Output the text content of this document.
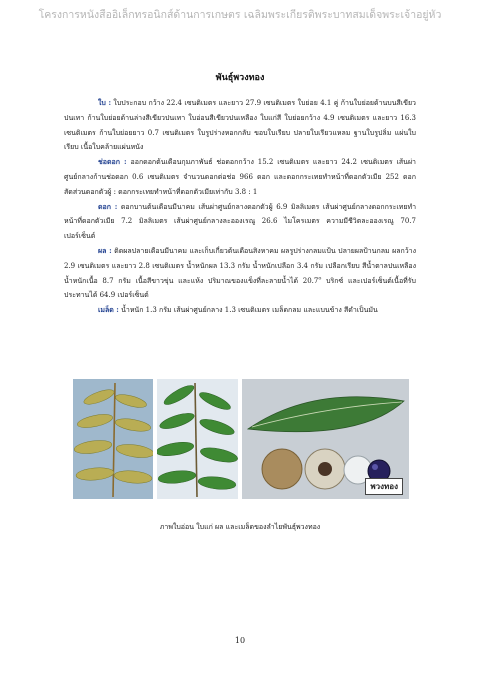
โครงการหนังสืออิเล็กทรอนิกส์ด้านการเกษตร เฉลิมพระเกียรติพระบาทสมเด็จพระเจ้าอยู่หัว
พันธุ์พวงทอง

ใบ : ใบประกอบ กว้าง 22.4 เซนติเมตร และยาว 27.9 เซนติเมตร ใบย่อย 4.1 คู่ ก้านใบย่อยด้านบนสีเขียวปนเทา ก้านใบย่อยด้านล่างสีเขียวปนเทา ใบอ่อนสีเขียวปนเหลือง ใบแก่สี ใบย่อยกว้าง 4.9 เซนติเมตร และยาว 16.3 เซนติเมตร ก้านใบย่อยยาว 0.7 เซนติเมตร ใบรูปร่างหอกกลับ ขอบใบเรียบ ปลายใบเรียวแหลม ฐานใบรูปลิ่ม แผ่นใบเรียบ เนื้อใบคล้ายแผ่นหนัง

ช่อดอก : ออกดอกต้นเดือนกุมภาพันธ์ ช่อดอกกว้าง 15.2 เซนติเมตร และยาว 24.2 เซนติเมตร เส้นผ่าศูนย์กลางก้านช่อดอก 0.6 เซนติเมตร จำนวนดอกต่อช่อ 966 ดอก และดอกกระเทยทำหน้าที่ดอกตัวเมีย 252 ดอก สัดส่วนดอกตัวผู้ : ดอกกระเทยทำหน้าที่ดอกตัวเมียเท่ากับ 3.8 : 1

ดอก : ดอกบานต้นเดือนมีนาคม เส้นผ่าศูนย์กลางดอกตัวผู้ 6.9 มิลลิเมตร เส้นผ่าศูนย์กลางดอกกระเทยทำหน้าที่ดอกตัวเมีย 7.2 มิลลิเมตร เส้นผ่าศูนย์กลางละอองเรณู 26.6 ไมโครเมตร ความมีชีวิตละอองเรณู 70.7 เปอร์เซ็นต์

ผล : ติดผลปลายเดือนมีนาคม และเก็บเกี่ยวต้นเดือนสิงหาคม ผลรูปร่างกลมแป้น ปลายผลป้านกลม ผลกว้าง 2.9 เซนติเมตร และยาว 2.8 เซนติเมตร น้ำหนักผล 13.3 กรัม น้ำหนักเปลือก 3.4 กรัม เปลือกเรียบ สีน้ำตาลปนเหลือง น้ำหนักเนื้อ 8.7 กรัม เนื้อสีขาวขุ่น และแห้ง ปริมาณของแข็งที่ละลายน้ำได้ 20.7$^o$ บริกซ์ และเปอร์เซ็นต์เนื้อที่รับประทานได้ 64.9 เปอร์เซ็นต์

เมล็ด : น้ำหนัก 1.3 กรัม เส้นผ่าศูนย์กลาง 1.3 เซนติเมตร เมล็ดกลม และแบนข้าง สีดำเป็นมัน

พวงทอง
ภาพใบอ่อน ใบแก่ ผล และเมล็ดของลำไยพันธุ์พวงทอง
10
